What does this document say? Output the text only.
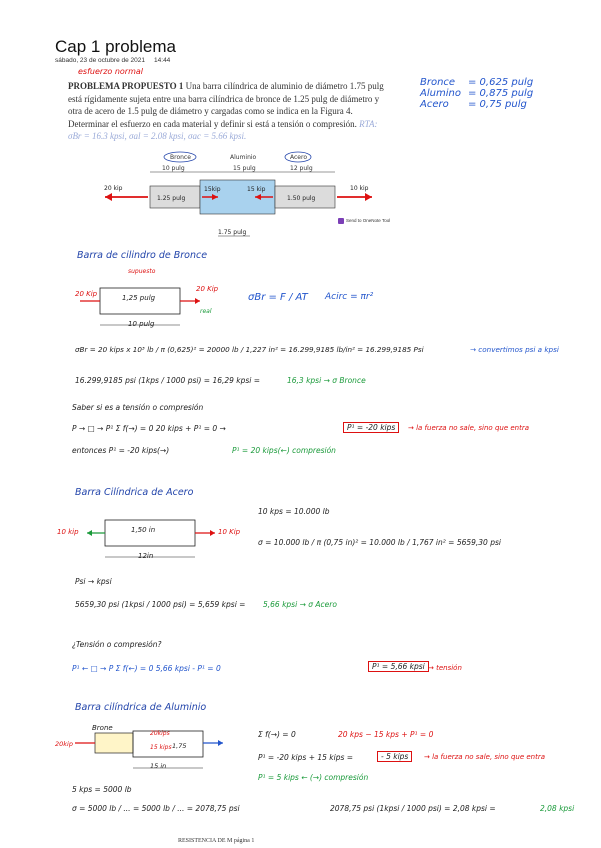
Cap 1 problema
sábado, 23 de octubre de 2021 14:44
esfuerzo normal
PROBLEMA PROPUESTO 1 Una barra cilíndrica de aluminio de diámetro 1.75 pulg está rígidamente sujeta entre una barra cilíndrica de bronce de 1.25 pulg de diámetro y otra de acero de 1.5 pulg de diámetro y cargadas como se indica en la Figura 4. Determinar el esfuerzo en cada material y definir si está a tensión o compresión. RTA: σBr = 16.3 kpsi, σal = 2.08 kpsi, σac = 5.66 kpsi.
Bronce = 0,625 pulg
Alumino = 0,875 pulg
Acero = 0,75 pulg
Bronce	Aluminio	Acero
10 pulg	15 pulg	12 pulg
1.25 pulg	1.50 pulg
15kip	15 kip
20 kip	10 kip
1.75 pulg
Send to OneNote Tool
Barra de cilindro de Bronce
supuesto
20 Kip
20 Kip
1,25 pulg
real
10 pulg
σBr = F / AT Acirc = πr²
σBr = 20 kips x 10³ lb / π (0,625)² = 20000 lb / 1,227 in² = 16.299,9185 lb/in² = 16.299,9185 Psi	→ convertimos psi a kpsi
16.299,9185 psi (1kps / 1000 psi) = 16,29 kpsi =	16,3 kpsi → σ Bronce
Saber si es a tensión o compresión
P → □ → P¹ Σ f(→) = 0 20 kips + P¹ = 0 →	P¹ = -20 kips	→ la fuerza no sale, sino que entra
entonces P¹ = -20 kips(→)	P¹ = 20 kips(←) compresión
Barra Cilíndrica de Acero
10 kps = 10.000 lb
10 kip	10 Kip
1,50 in
12in
σ = 10.000 lb / π (0,75 in)² = 10.000 lb / 1,767 in² = 5659,30 psi
Psi → kpsi
5659,30 psi (1kpsi / 1000 psi) = 5,659 kpsi = 5,66 kpsi → σ Acero
¿Tensión o compresión?
P¹ ← □ → P Σ f(←) = 0 5,66 kpsi - P¹ = 0	P¹ = 5,66 kpsi → tensión
Barra cilíndrica de Aluminio
Brone
20kip
20kips
15 kips 1,75
15 in
Σ f(→) = 0	20 kps − 15 kps + P¹ = 0
P¹ = -20 kips + 15 kips =	- 5 kips	→ la fuerza no sale, sino que entra
P¹ = 5 kips ← (→) compresión
5 kps = 5000 lb
σ = 5000 lb / ... = 5000 lb / ... = 2078,75 psi	2078,75 psi (1kpsi / 1000 psi) = 2,08 kpsi =	2,08 kpsi
RESISTENCIA DE M página 1
